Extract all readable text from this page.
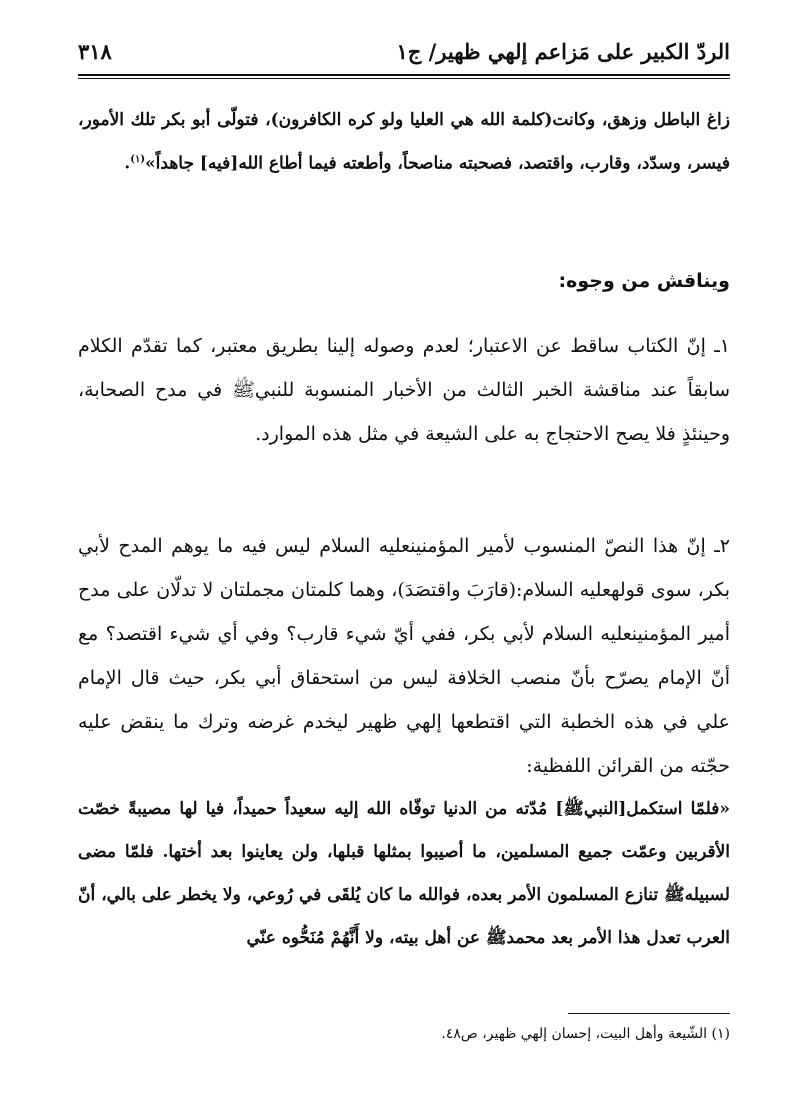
الردّ الكبير على مَزاعم إلهي ظهير/ ج١
٣١٨
زاغ الباطل وزهق، وكانت(كلمة الله هي العليا ولو كره الكافرون)، فتولّى أبو بكر تلك الأمور، فيسر، وسدّد، وقارب، واقتصد، فصحبته مناصحاً، وأطعته فيما أطاع الله[فيه] جاهداً»$^{(١)}$.
ويناقش من وجوه:
١ـ إنّ الكتاب ساقط عن الاعتبار؛ لعدم وصوله إلينا بطريق معتبر، كما تقدّم الكلام سابقاً عند مناقشة الخبر الثالث من الأخبار المنسوبة للنبيﷺ في مدح الصحابة، وحينئذٍ فلا يصح الاحتجاج به على الشيعة في مثل هذه الموارد.
٢ـ إنّ هذا النصّ المنسوب لأمير المؤمنينعليه السلام ليس فيه ما يوهم المدح لأبي بكر، سوى قولهعليه السلام:(قارَبَ واقتصَدَ)، وهما كلمتان مجملتان لا تدلّان على مدح أمير المؤمنينعليه السلام لأبي بكر، ففي أيّ شيء قارب؟ وفي أي شيء اقتصد؟ مع أنّ الإمام يصرّح بأنّ منصب الخلافة ليس من استحقاق أبي بكر، حيث قال الإمام علي في هذه الخطبة التي اقتطعها إلهي ظهير ليخدم غرضه وترك ما ينقض عليه حجّته من القرائن اللفظية:
«فلمّا استكمل[النبيﷺ] مُدّته من الدنيا توفّاه الله إليه سعيداً حميداً، فيا لها مصيبةً خصّت الأقربين وعمّت جميع المسلمين، ما أصيبوا بمثلها قبلها، ولن يعاينوا بعد أختها. فلمّا مضى لسبيلهﷺ تنازع المسلمون الأمر بعده، فوالله ما كان يُلقَى في رُوعي، ولا يخطر على بالي، أنّ العرب تعدل هذا الأمر بعد محمدﷺ عن أهل بيته، ولا أَنَّهُمْ مُنَحُّوه عنّي
(١) الشّيعة وأهل البيت، إحسان إلهي ظهير، ص٤٨.
